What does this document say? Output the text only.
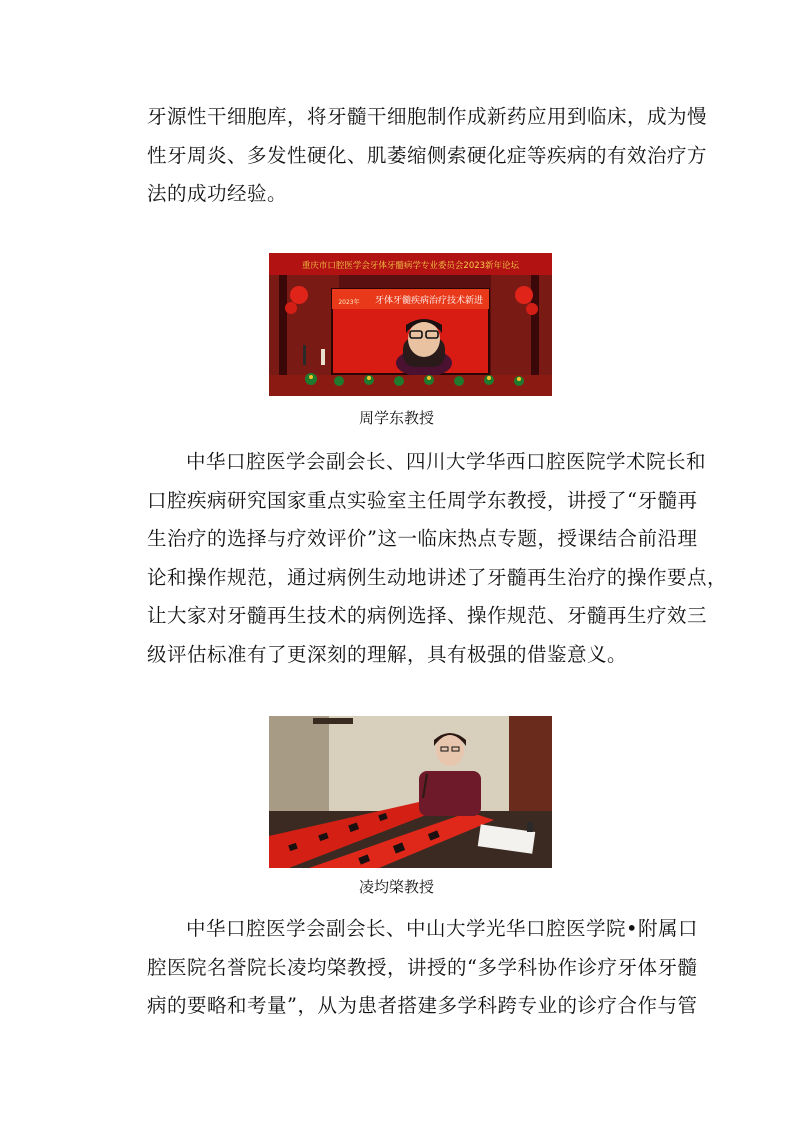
牙源性干细胞库，将牙髓干细胞制作成新药应用到临床，成为慢
性牙周炎、多发性硬化、肌萎缩侧索硬化症等疾病的有效治疗方
法的成功经验。

重庆市口腔医学会牙体牙髓病学专业委员会2023新年论坛
牙体牙髓疾病治疗技术新进
2023年
周学东教授

中华口腔医学会副会长、四川大学华西口腔医院学术院长和
口腔疾病研究国家重点实验室主任周学东教授，讲授了“牙髓再
生治疗的选择与疗效评价”这一临床热点专题，授课结合前沿理
论和操作规范，通过病例生动地讲述了牙髓再生治疗的操作要点，
让大家对牙髓再生技术的病例选择、操作规范、牙髓再生疗效三
级评估标准有了更深刻的理解，具有极强的借鉴意义。

凌均棨教授

中华口腔医学会副会长、中山大学光华口腔医学院•附属口
腔医院名誉院长凌均棨教授，讲授的“多学科协作诊疗牙体牙髓
病的要略和考量”，从为患者搭建多学科跨专业的诊疗合作与管
